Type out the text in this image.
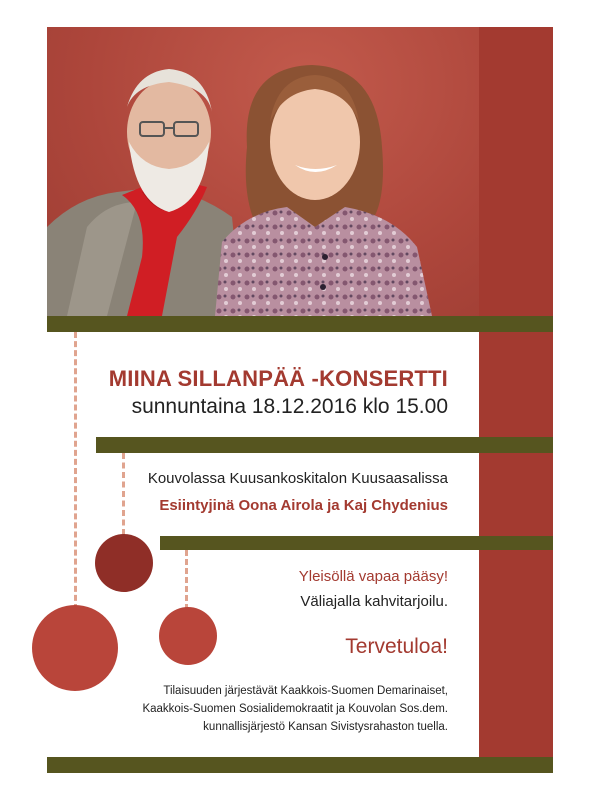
MIINA SILLANPÄÄ -KONSERTTI
sunnuntaina 18.12.2016 klo 15.00
Kouvolassa Kuusankoskitalon Kuusaasalissa
Esiintyjinä Oona Airola ja Kaj Chydenius
Yleisöllä vapaa pääsy!
Väliajalla kahvitarjoilu.
Tervetuloa!
Tilaisuuden järjestävät Kaakkois-Suomen Demarinaiset,
Kaakkois-Suomen Sosialidemokraatit ja Kouvolan Sos.dem.
kunnallisjärjestö Kansan Sivistysrahaston tuella.
